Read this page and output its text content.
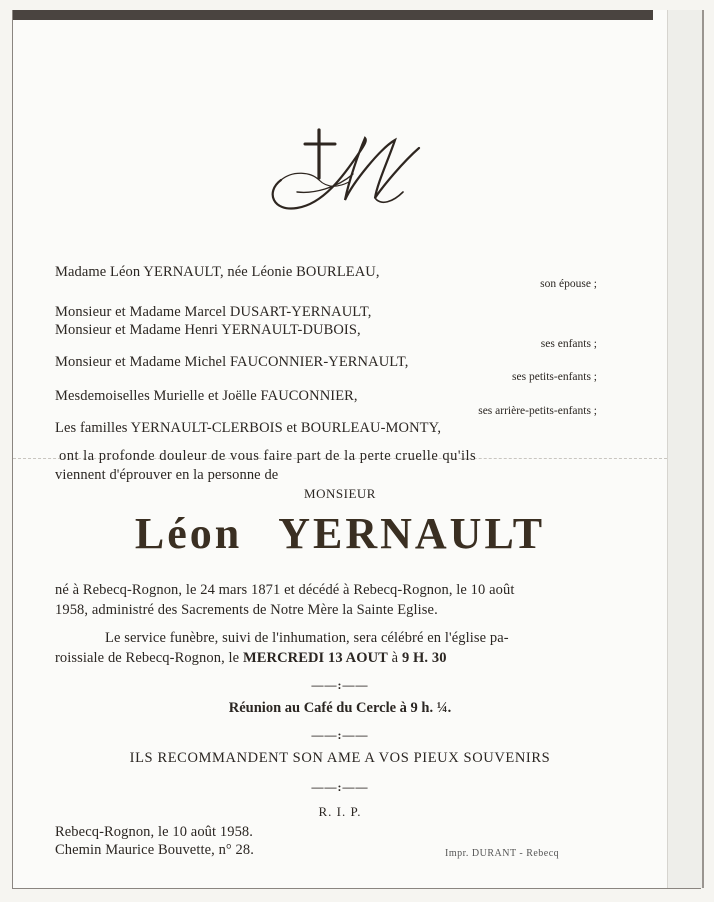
Madame Léon YERNAULT, née Léonie BOURLEAU,
son épouse ;
Monsieur et Madame Marcel DUSART-YERNAULT,
Monsieur et Madame Henri YERNAULT-DUBOIS,
ses enfants ;
Monsieur et Madame Michel FAUCONNIER-YERNAULT,
ses petits-enfants ;
Mesdemoiselles Murielle et Joëlle FAUCONNIER,
ses arrière-petits-enfants ;
Les familles YERNAULT-CLERBOIS et BOURLEAU-MONTY,
ont la profonde douleur de vous faire part de la perte cruelle qu'ils
viennent d'éprouver en la personne de
MONSIEUR
Léon YERNAULT
né à Rebecq-Rognon, le 24 mars 1871 et décédé à Rebecq-Rognon, le 10 août
1958, administré des Sacrements de Notre Mère la Sainte Eglise.
Le service funèbre, suivi de l'inhumation, sera célébré en l'église pa-
roissiale de Rebecq-Rognon, le MERCREDI 13 AOUT à 9 H. 30
——:——
Réunion au Café du Cercle à 9 h. ¼.
——:——
ILS RECOMMANDENT SON AME A VOS PIEUX SOUVENIRS
——:——
R. I. P.
Rebecq-Rognon, le 10 août 1958.
Chemin Maurice Bouvette, n° 28.	Impr. DURANT - Rebecq
